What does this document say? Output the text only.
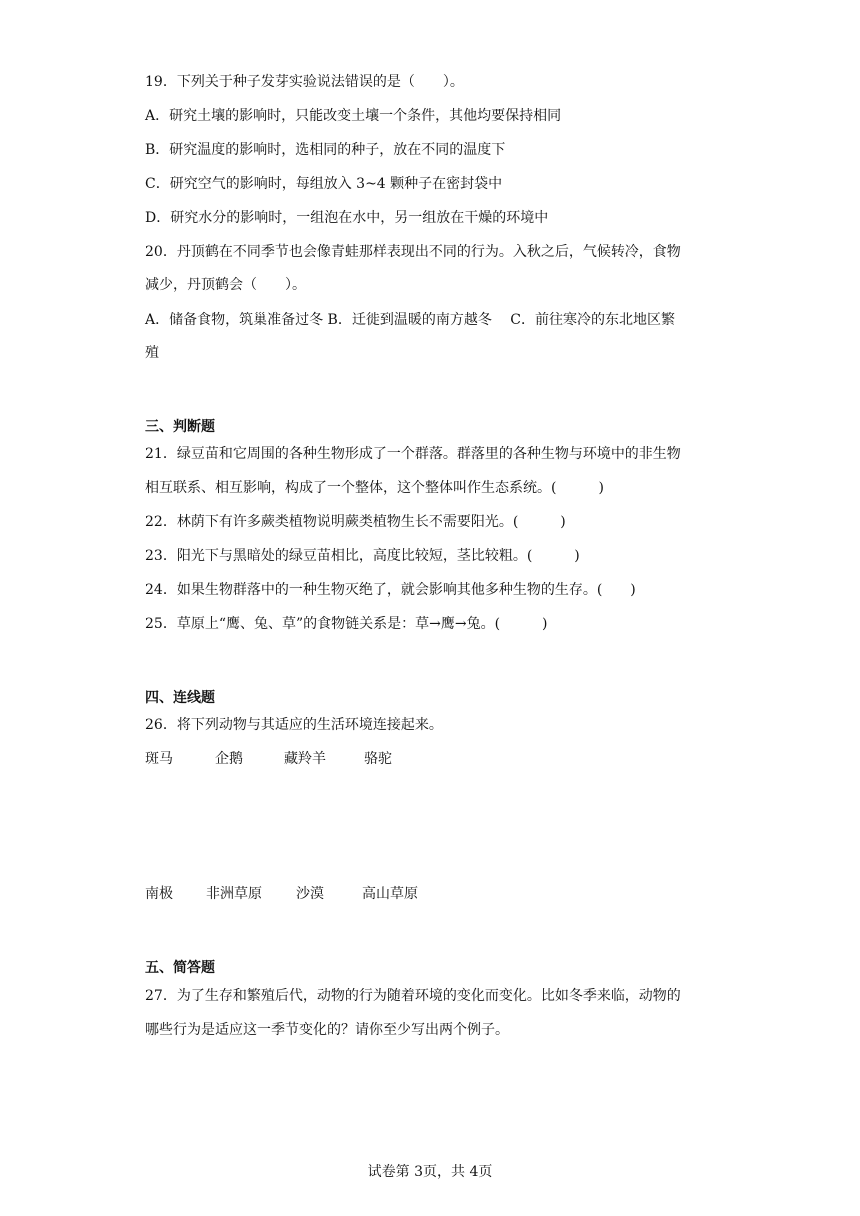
19．下列关于种子发芽实验说法错误的是（　　）。
A．研究土壤的影响时，只能改变土壤一个条件，其他均要保持相同
B．研究温度的影响时，选相同的种子，放在不同的温度下
C．研究空气的影响时，每组放入 3~4 颗种子在密封袋中
D．研究水分的影响时，一组泡在水中，另一组放在干燥的环境中
20．丹顶鹤在不同季节也会像青蛙那样表现出不同的行为。入秋之后，气候转冷，食物
减少，丹顶鹤会（　　）。
A．储备食物，筑巢准备过冬 B．迁徙到温暖的南方越冬　 C．前往寒冷的东北地区繁
殖
三、判断题
21．绿豆苗和它周围的各种生物形成了一个群落。群落里的各种生物与环境中的非生物
相互联系、相互影响，构成了一个整体，这个整体叫作生态系统。(　　　)
22．林荫下有许多蕨类植物说明蕨类植物生长不需要阳光。(　　　)
23．阳光下与黑暗处的绿豆苗相比，高度比较短，茎比较粗。(　　　)
24．如果生物群落中的一种生物灭绝了，就会影响其他多种生物的生存。(　　)
25．草原上“鹰、兔、草”的食物链关系是：草→鹰→兔。(　　　)
四、连线题
26．将下列动物与其适应的生活环境连接起来。
斑马	企鹅	藏羚羊	骆驼
南极 非洲草原 沙漠	高山草原
五、简答题
27．为了生存和繁殖后代，动物的行为随着环境的变化而变化。比如冬季来临，动物的
哪些行为是适应这一季节变化的？请你至少写出两个例子。
试卷第 3页，共 4页
